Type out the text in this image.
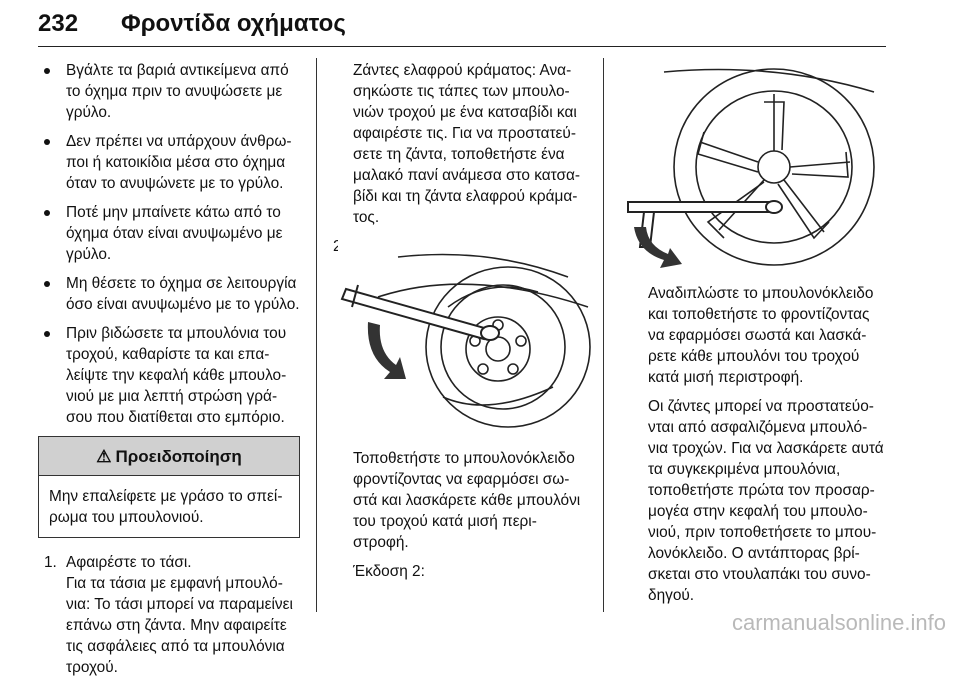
232 Φροντίδα οχήματος
Βγάλτε τα βαριά αντικείμενα από το όχημα πριν το ανυψώσετε με γρύλο.
Δεν πρέπει να υπάρχουν άνθρω- ποι ή κατοικίδια μέσα στο όχημα όταν το ανυψώνετε με το γρύλο.
Ποτέ μην μπαίνετε κάτω από το όχημα όταν είναι ανυψωμένο με γρύλο.
Μη θέσετε το όχημα σε λειτουργία όσο είναι ανυψωμένο με το γρύλο.
Πριν βιδώσετε τα μπουλόνια του τροχού, καθαρίστε τα και επα- λείψτε την κεφαλή κάθε μπουλο- νιού με μια λεπτή στρώση γρά- σου που διατίθεται στο εμπόριο.
⚠ Προειδοποίηση
Μην επαλείφετε με γράσο το σπεί- ρωμα του μπουλονιού.
1. Αφαιρέστε το τάσι.

Για τα τάσια με εμφανή μπουλό- νια: Το τάσι μπορεί να παραμείνει επάνω στη ζάντα. Μην αφαιρείτε τις ασφάλειες από τα μπουλόνια τροχού.

Ζάντες ελαφρού κράματος: Ανα- σηκώστε τις τάπες των μπουλο- νιών τροχού με ένα κατσαβίδι και αφαιρέστε τις. Για να προστατεύ- σετε τη ζάντα, τοποθετήστε ένα μαλακό πανί ανάμεσα στο κατσα- βίδι και τη ζάντα ελαφρού κράμα- τος.

2. Έκδοση 1:

Τοποθετήστε το μπουλονόκλειδο φροντίζοντας να εφαρμόσει σω- στά και λασκάρετε κάθε μπουλόνι του τροχού κατά μισή περι- στροφή.

Έκδοση 2:

Αναδιπλώστε το μπουλονόκλειδο και τοποθετήστε το φροντίζοντας να εφαρμόσει σωστά και λασκά- ρετε κάθε μπουλόνι του τροχού κατά μισή περιστροφή.

Οι ζάντες μπορεί να προστατεύο- νται από ασφαλιζόμενα μπουλό- νια τροχών. Για να λασκάρετε αυτά τα συγκεκριμένα μπουλόνια, τοποθετήστε πρώτα τον προσαρ- μογέα στην κεφαλή του μπουλο- νιού, πριν τοποθετήσετε το μπου- λονόκλειδο. Ο αντάπτορας βρί- σκεται στο ντουλαπάκι του συνο- δηγού.

carmanualsonline.info
